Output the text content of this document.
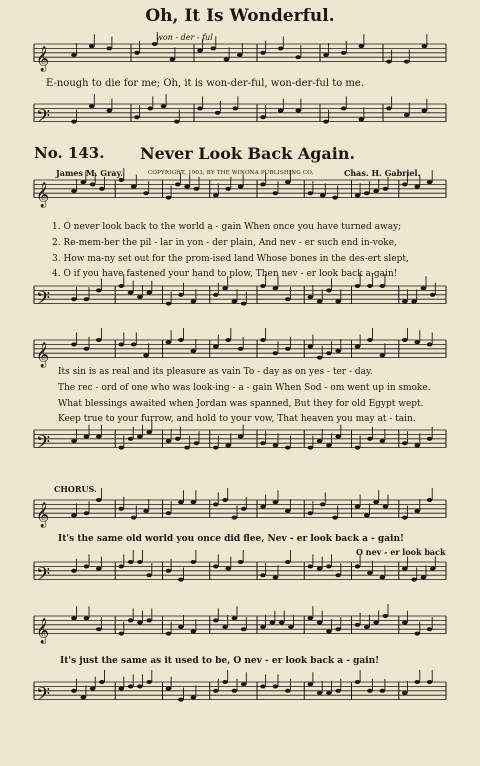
𝄞
𝄢
𝄞
𝄢
𝄞
𝄢
𝄞
𝄢
𝄞
𝄢
Oh, It Is Wonderful.
won - der - ful
E-nough to die for me; Oh, it is won-der-ful, won-der-ful to me.
No. 143. Never Look Back Again.
James M. Gray.	COPYRIGHT, 1903, BY THE WINONA PUBLISHING CO.	Chas. H. Gabriel.
1. O never look back to the world a - gain When once you have turned away;
2. Re-mem-ber the pil - lar in yon - der plain, And nev - er such end in-voke,
3. How ma-ny set out for the prom-ised land Whose bones in the des-ert slept,
4. O if you have fastened your hand to plow, Then nev - er look back a-gain!
Its sin is as real and its pleasure as vain To - day as on yes - ter - day.
The rec - ord of one who was look-ing - a - gain When Sod - om went up in smoke.
What blessings awaited when Jordan was spanned, But they for old Egypt wept.
Keep true to your furrow, and hold to your vow, That heaven you may at - tain.
CHORUS.
It's the same old world you once did flee, Nev - er look back a - gain!
O nev - er look back
It's just the same as it used to be, O nev - er look back a - gain!
